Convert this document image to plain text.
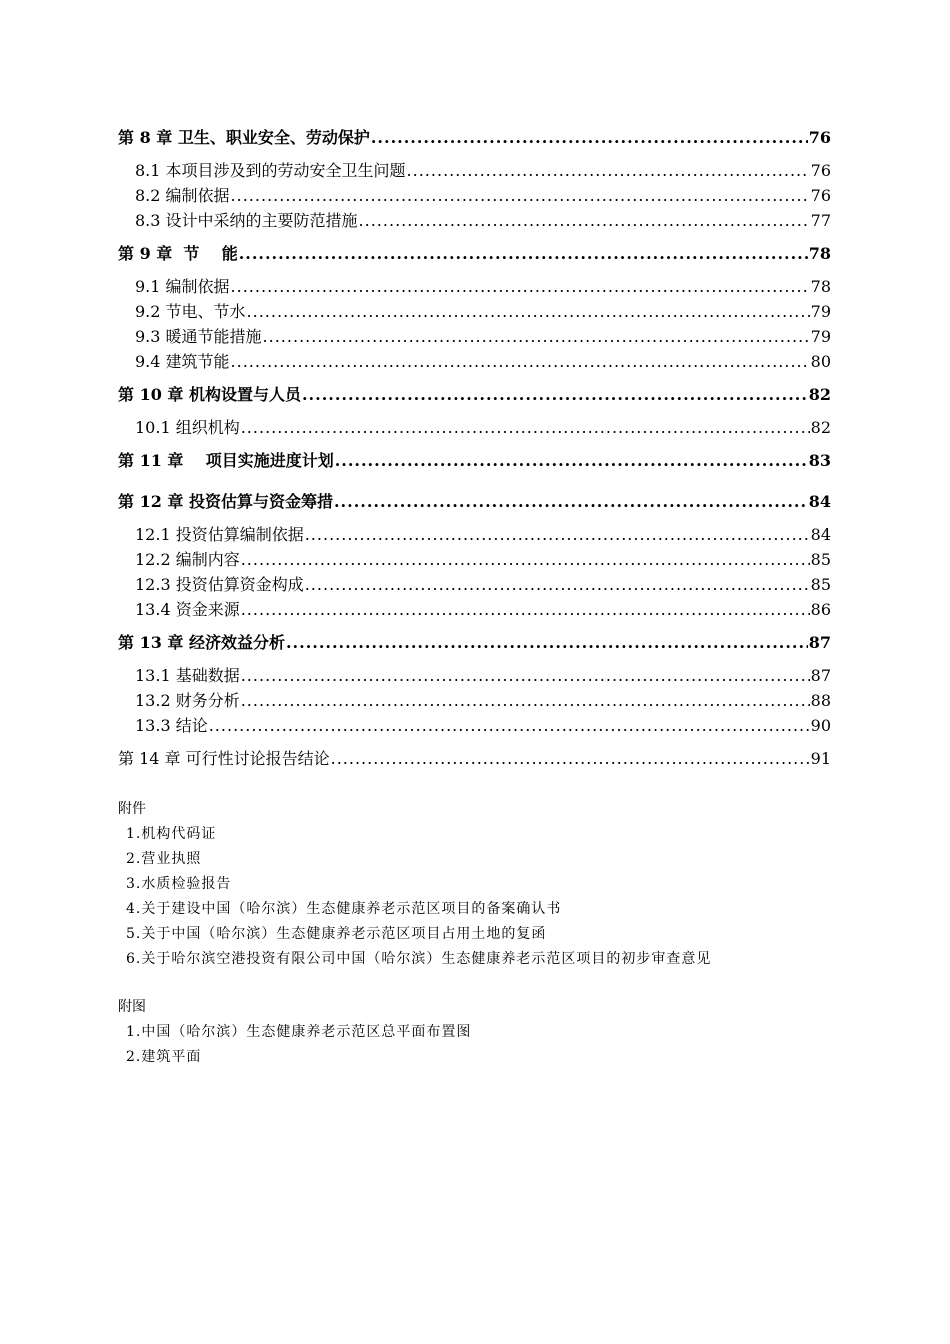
第 8 章 卫生、职业安全、劳动保护 .....	76
8.1 本项目涉及到的劳动安全卫生问题 .....	76
8.2 编制依据 .....	76
8.3 设计中采纳的主要防范措施 .....	77
第 9 章  节    能 .....	78
9.1 编制依据 .....	78
9.2 节电、节水 .....	79
9.3 暖通节能措施 .....	79
9.4 建筑节能 .....	80
第 10 章 机构设置与人员 .....	82
10.1 组织机构 .....	82
第 11 章    项目实施进度计划 .....	83
第 12 章 投资估算与资金筹措 .....	84
12.1 投资估算编制依据 .....	84
12.2 编制内容 .....	85
12.3 投资估算资金构成 .....	85
13.4 资金来源 .....	86
第 13 章 经济效益分析 .....	87
13.1 基础数据 .....	87
13.2 财务分析 .....	88
13.3 结论 .....	90
第 14 章 可行性讨论报告结论 .....	91
附件
1.机构代码证
2.营业执照
3.水质检验报告
4.关于建设中国（哈尔滨）生态健康养老示范区项目的备案确认书
5.关于中国（哈尔滨）生态健康养老示范区项目占用土地的复函
6.关于哈尔滨空港投资有限公司中国（哈尔滨）生态健康养老示范区项目的初步审查意见
附图
1.中国（哈尔滨）生态健康养老示范区总平面布置图
2.建筑平面
